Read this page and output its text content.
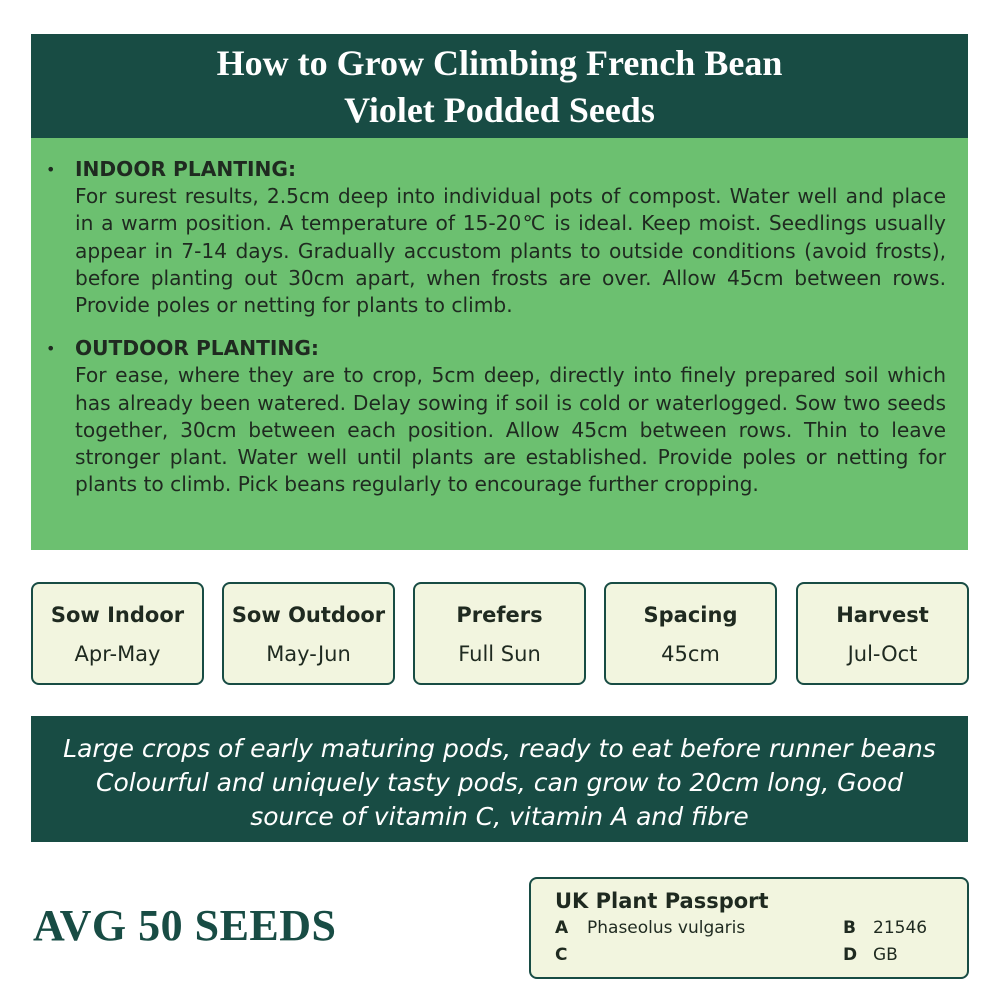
How to Grow Climbing French Bean
Violet Podded Seeds
• INDOOR PLANTING:
For surest results, 2.5cm deep into individual pots of compost. Water well and place in a warm position. A temperature of 15-20℃ is ideal. Keep moist. Seedlings usually appear in 7-14 days. Gradually accustom plants to outside conditions (avoid frosts), before planting out 30cm apart, when frosts are over. Allow 45cm between rows. Provide poles or netting for plants to climb.
• OUTDOOR PLANTING:
For ease, where they are to crop, 5cm deep, directly into finely prepared soil which has already been watered. Delay sowing if soil is cold or waterlogged. Sow two seeds together, 30cm between each position. Allow 45cm between rows. Thin to leave stronger plant. Water well until plants are established. Provide poles or netting for plants to climb. Pick beans regularly to encourage further cropping.
Sow Indoor
Apr-May
Sow Outdoor
May-Jun
Prefers
Full Sun
Spacing
45cm
Harvest
Jul-Oct
Large crops of early maturing pods, ready to eat before runner beans Colourful and uniquely tasty pods, can grow to 20cm long, Good source of vitamin C, vitamin A and fibre
AVG 50 SEEDS	UK Plant Passport
A Phaseolus vulgaris	B 21546
C	D GB
